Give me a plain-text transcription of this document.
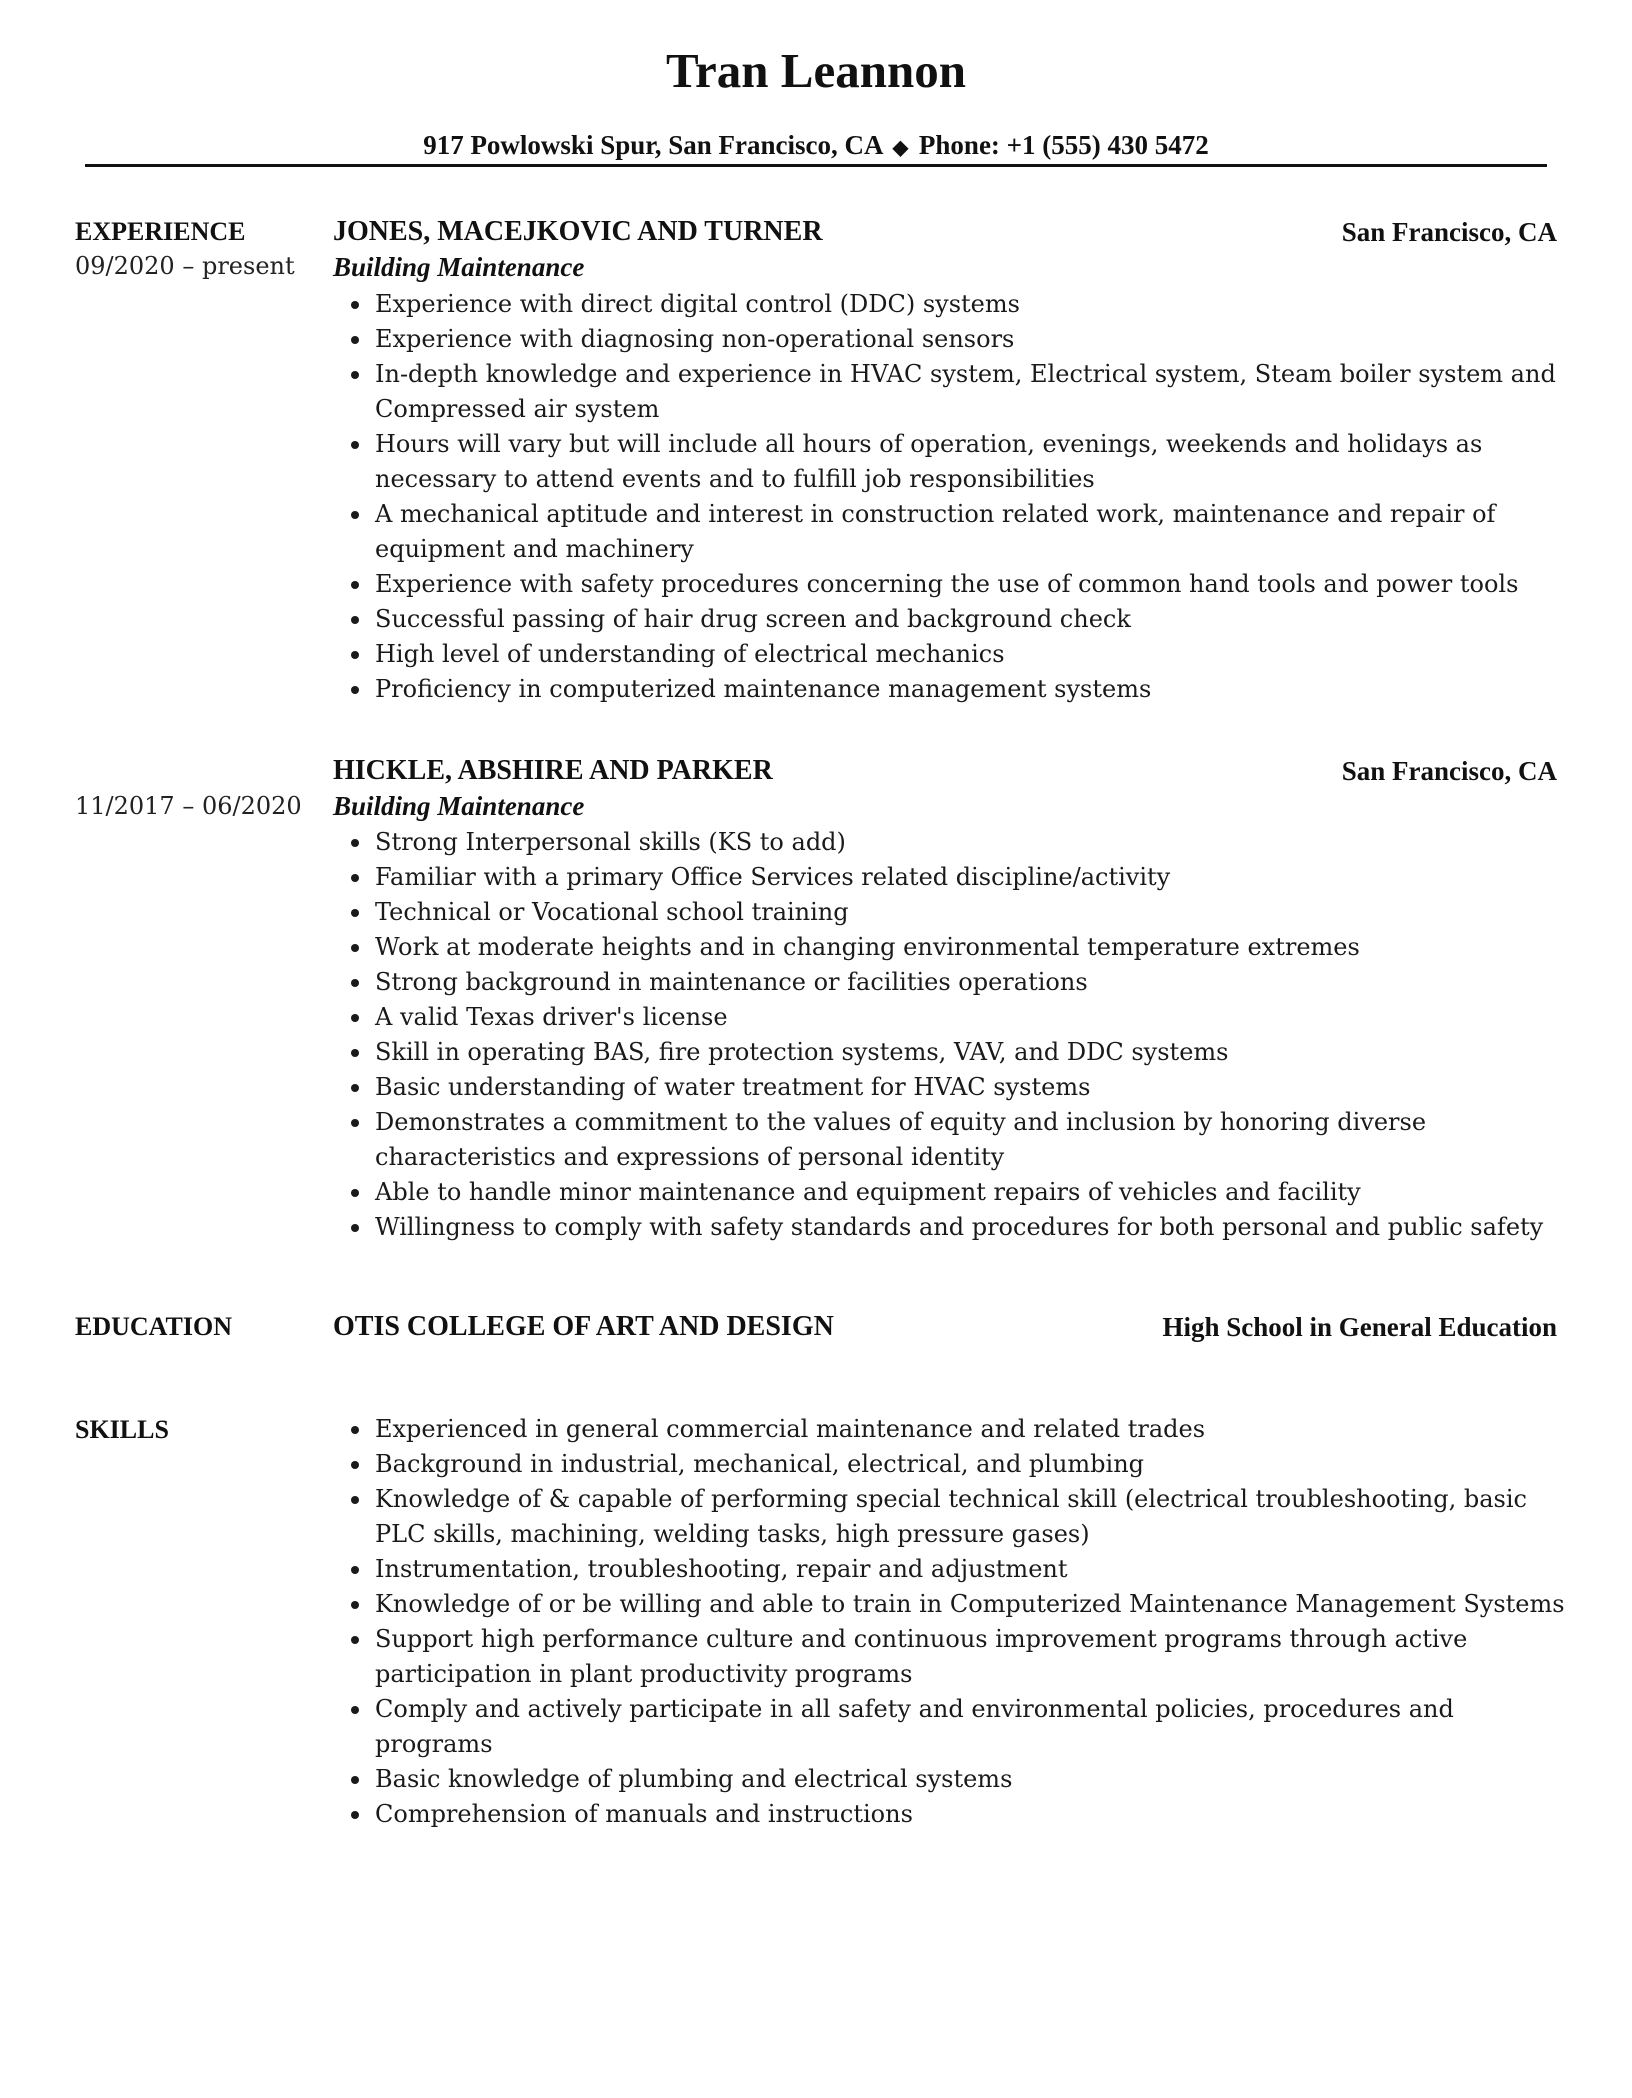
Tran Leannon
917 Powlowski Spur, San Francisco, CA ◆ Phone: +1 (555) 430 5472
EXPERIENCE
09/2020 – present
JONES, MACEJKOVIC AND TURNER	San Francisco, CA
Building Maintenance
Experience with direct digital control (DDC) systems
Experience with diagnosing non-operational sensors
In-depth knowledge and experience in HVAC system, Electrical system, Steam boiler system and Compressed air system
Hours will vary but will include all hours of operation, evenings, weekends and holidays as necessary to attend events and to fulfill job responsibilities
A mechanical aptitude and interest in construction related work, maintenance and repair of equipment and machinery
Experience with safety procedures concerning the use of common hand tools and power tools
Successful passing of hair drug screen and background check
High level of understanding of electrical mechanics
Proficiency in computerized maintenance management systems
11/2017 – 06/2020
HICKLE, ABSHIRE AND PARKER	San Francisco, CA
Building Maintenance
Strong Interpersonal skills (KS to add)
Familiar with a primary Office Services related discipline/activity
Technical or Vocational school training
Work at moderate heights and in changing environmental temperature extremes
Strong background in maintenance or facilities operations
A valid Texas driver's license
Skill in operating BAS, fire protection systems, VAV, and DDC systems
Basic understanding of water treatment for HVAC systems
Demonstrates a commitment to the values of equity and inclusion by honoring diverse characteristics and expressions of personal identity
Able to handle minor maintenance and equipment repairs of vehicles and facility
Willingness to comply with safety standards and procedures for both personal and public safety
EDUCATION	OTIS COLLEGE OF ART AND DESIGN	High School in General Education
SKILLS	Experienced in general commercial maintenance and related trades
Background in industrial, mechanical, electrical, and plumbing
Knowledge of & capable of performing special technical skill (electrical troubleshooting, basic PLC skills, machining, welding tasks, high pressure gases)
Instrumentation, troubleshooting, repair and adjustment
Knowledge of or be willing and able to train in Computerized Maintenance Management Systems
Support high performance culture and continuous improvement programs through active participation in plant productivity programs
Comply and actively participate in all safety and environmental policies, procedures and programs
Basic knowledge of plumbing and electrical systems
Comprehension of manuals and instructions
